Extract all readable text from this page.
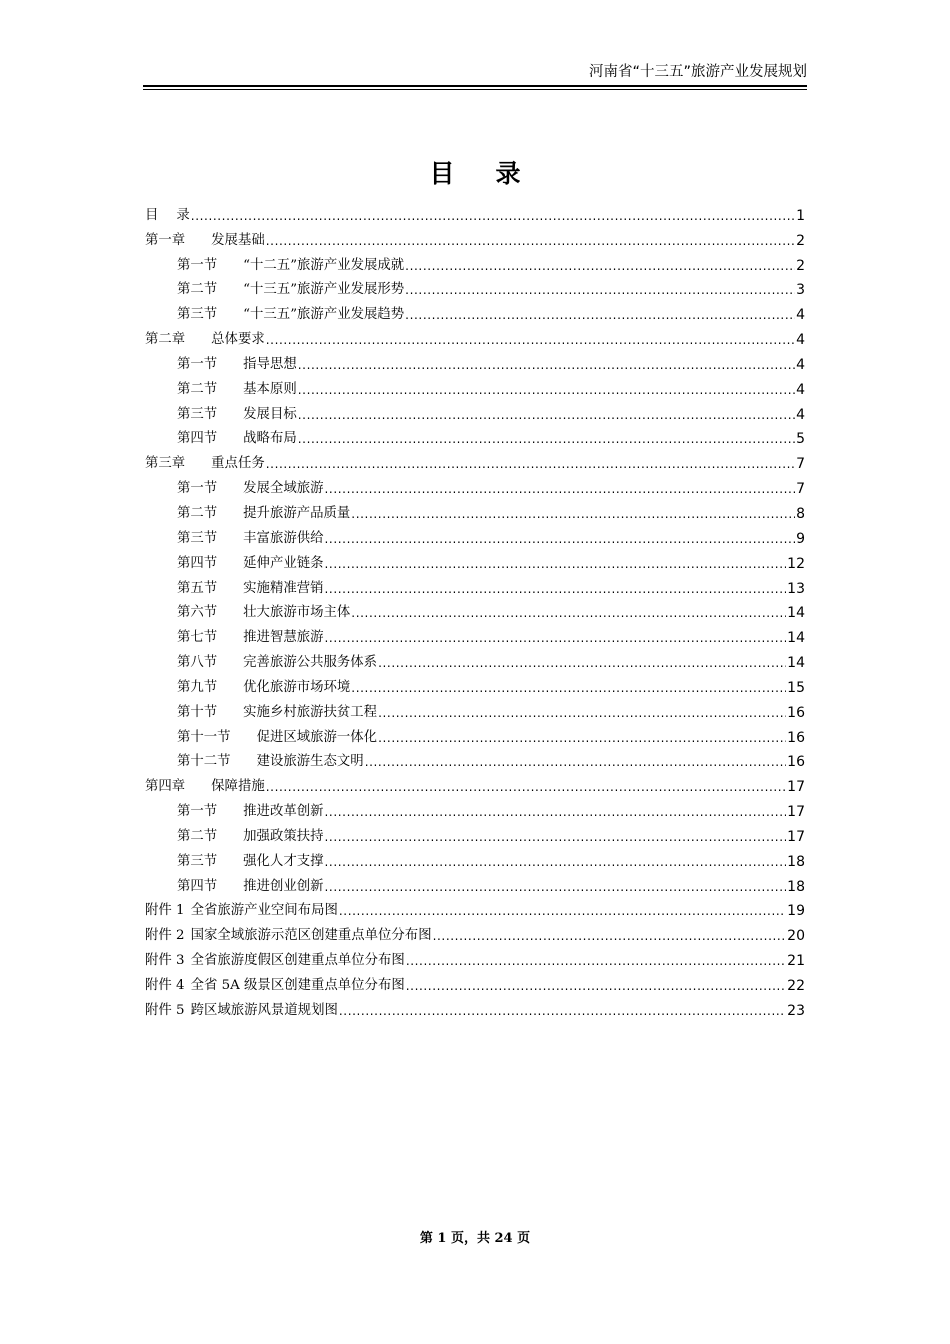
河南省“十三五”旅游产业发展规划
目　录
目 录 .....	1
第一章 发展基础 .....	2
第一节 “十二五”旅游产业发展成就 .....	2
第二节 “十三五”旅游产业发展形势 .....	3
第三节 “十三五”旅游产业发展趋势 .....	4
第二章 总体要求 .....	4
第一节 指导思想 .....	4
第二节 基本原则 .....	4
第三节 发展目标 .....	4
第四节 战略布局 .....	5
第三章 重点任务 .....	7
第一节 发展全域旅游 .....	7
第二节 提升旅游产品质量 .....	8
第三节 丰富旅游供给 .....	9
第四节 延伸产业链条 .....	12
第五节 实施精准营销 .....	13
第六节 壮大旅游市场主体 .....	14
第七节 推进智慧旅游 .....	14
第八节 完善旅游公共服务体系 .....	14
第九节 优化旅游市场环境 .....	15
第十节 实施乡村旅游扶贫工程 .....	16
第十一节 促进区域旅游一体化 .....	16
第十二节 建设旅游生态文明 .....	16
第四章 保障措施 .....	17
第一节 推进改革创新 .....	17
第二节 加强政策扶持 .....	17
第三节 强化人才支撑 .....	18
第四节 推进创业创新 .....	18
附件 1 全省旅游产业空间布局图 .....	19
附件 2 国家全域旅游示范区创建重点单位分布图 .....	20
附件 3 全省旅游度假区创建重点单位分布图 .....	21
附件 4 全省 5A 级景区创建重点单位分布图 .....	22
附件 5 跨区域旅游风景道规划图 .....	23
第 1 页，共 24 页
